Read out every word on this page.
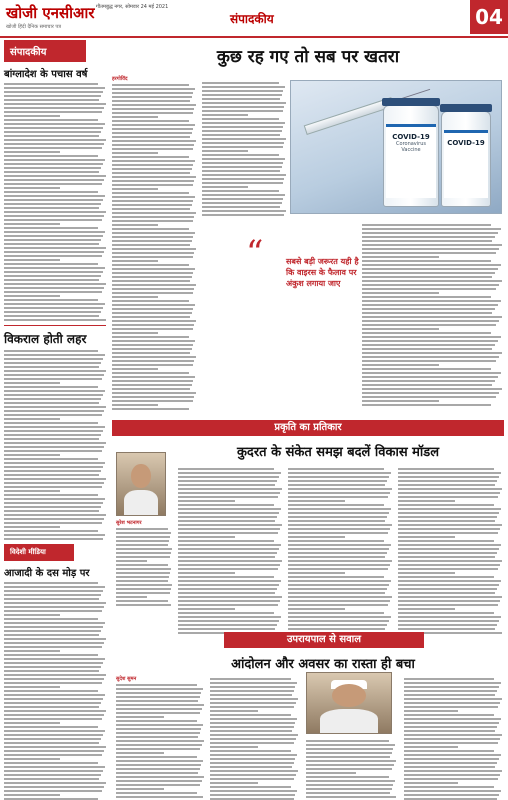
खोजी एनसीआर गौतमबुद्ध नगर, सोमवार 24 मई 2021
खोजी हिंदी दैनिक समाचार पत्र
संपादकीय	04
संपादकीय
बांग्लादेश के पचास वर्ष
विकराल होती लहर
विदेशी मीडिया
आजादी के दस मोड़ पर
कुछ रह गए तो सब पर खतरा
हरगोविंद
COVID-19
Coronavirus Vaccine
COVID-19
“	सबसे बड़ी जरूरत यही है कि वाइरस के फैलाव पर अंकुश लगाया जाए
प्रकृति का प्रतिकार
कुदरत के संकेत समझ बदलें विकास मॉडल
सुरेश भटनागर
उपरायपाल से सवाल
आंदोलन और अवसर का रास्ता ही बचा
सुदेश सुमन
